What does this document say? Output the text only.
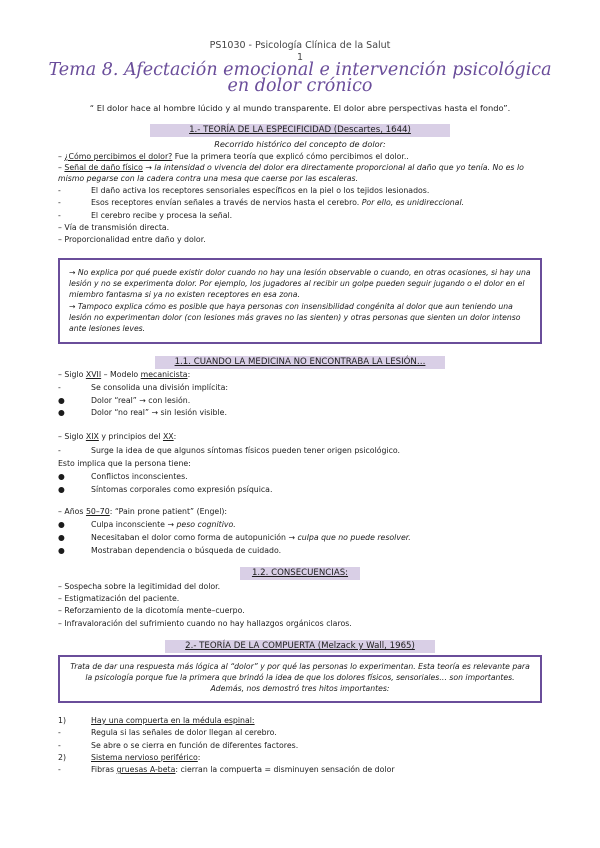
PS1030 - Psicología Clínica de la Salut
1
Tema 8. Afectación emocional e intervención psicológica en dolor crónico
“ El dolor hace al hombre lúcido y al mundo transparente. El dolor abre perspectivas hasta el fondo”.
1.- TEORÍA DE LA ESPECIFICIDAD (Descartes, 1644)
Recorrido histórico del concepto de dolor:
– ¿Cómo percibimos el dolor? Fue la primera teoría que explicó cómo percibimos el dolor..
– Señal de daño físico → la intensidad o vivencia del dolor era directamente proporcional al daño que yo tenía. No es lo
mismo pegarse con la cadera contra una mesa que caerse por las escaleras.
-	El daño activa los receptores sensoriales específicos en la piel o los tejidos lesionados.
-	Esos receptores envían señales a través de nervios hasta el cerebro. Por ello, es unidireccional.
-	El cerebro recibe y procesa la señal.
– Vía de transmisión directa.
– Proporcionalidad entre daño y dolor.

→ No explica por qué puede existir dolor cuando no hay una lesión observable o cuando, en otras ocasiones, si hay una lesión y no se experimenta dolor. Por ejemplo, los jugadores al recibir un golpe pueden seguir jugando o el dolor en el miembro fantasma si ya no existen receptores en esa zona.

→ Tampoco explica cómo es posible que haya personas con insensibilidad congénita al dolor que aun teniendo una lesión no experimentan dolor (con lesiones más graves no las sienten) y otras personas que sienten un dolor intenso ante lesiones leves.

1.1. CUANDO LA MEDICINA NO ENCONTRABA LA LESIÓN…
– Siglo XVII – Modelo mecanicista:
-	Se consolida una división implícita:
●	Dolor “real” → con lesión.
●	Dolor “no real” → sin lesión visible.
– Siglo XIX y principios del XX:
-	Surge la idea de que algunos síntomas físicos pueden tener origen psicológico.
Esto implica que la persona tiene:
●	Conflictos inconscientes.
●	Síntomas corporales como expresión psíquica.
– Años 50–70: “Pain prone patient” (Engel):
●	Culpa inconsciente → peso cognitivo.
●	Necesitaban el dolor como forma de autopunición → culpa que no puede resolver.
●	Mostraban dependencia o búsqueda de cuidado.
1.2. CONSECUENCIAS:
– Sospecha sobre la legitimidad del dolor.
– Estigmatización del paciente.
– Reforzamiento de la dicotomía mente–cuerpo.
– Infravaloración del sufrimiento cuando no hay hallazgos orgánicos claros.
2.- TEORÍA DE LA COMPUERTA (Melzack y Wall, 1965)

Trata de dar una respuesta más lógica al “dolor” y por qué las personas lo experimentan. Esta teoría es relevante para la psicología porque fue la primera que brindó la idea de que los dolores físicos, sensoriales… son importantes. Además, nos demostró tres hitos importantes:

1)	Hay una compuerta en la médula espinal:
-	Regula si las señales de dolor llegan al cerebro.
-	Se abre o se cierra en función de diferentes factores.
2)	Sistema nervioso periférico:
-	Fibras gruesas A-beta: cierran la compuerta = disminuyen sensación de dolor
